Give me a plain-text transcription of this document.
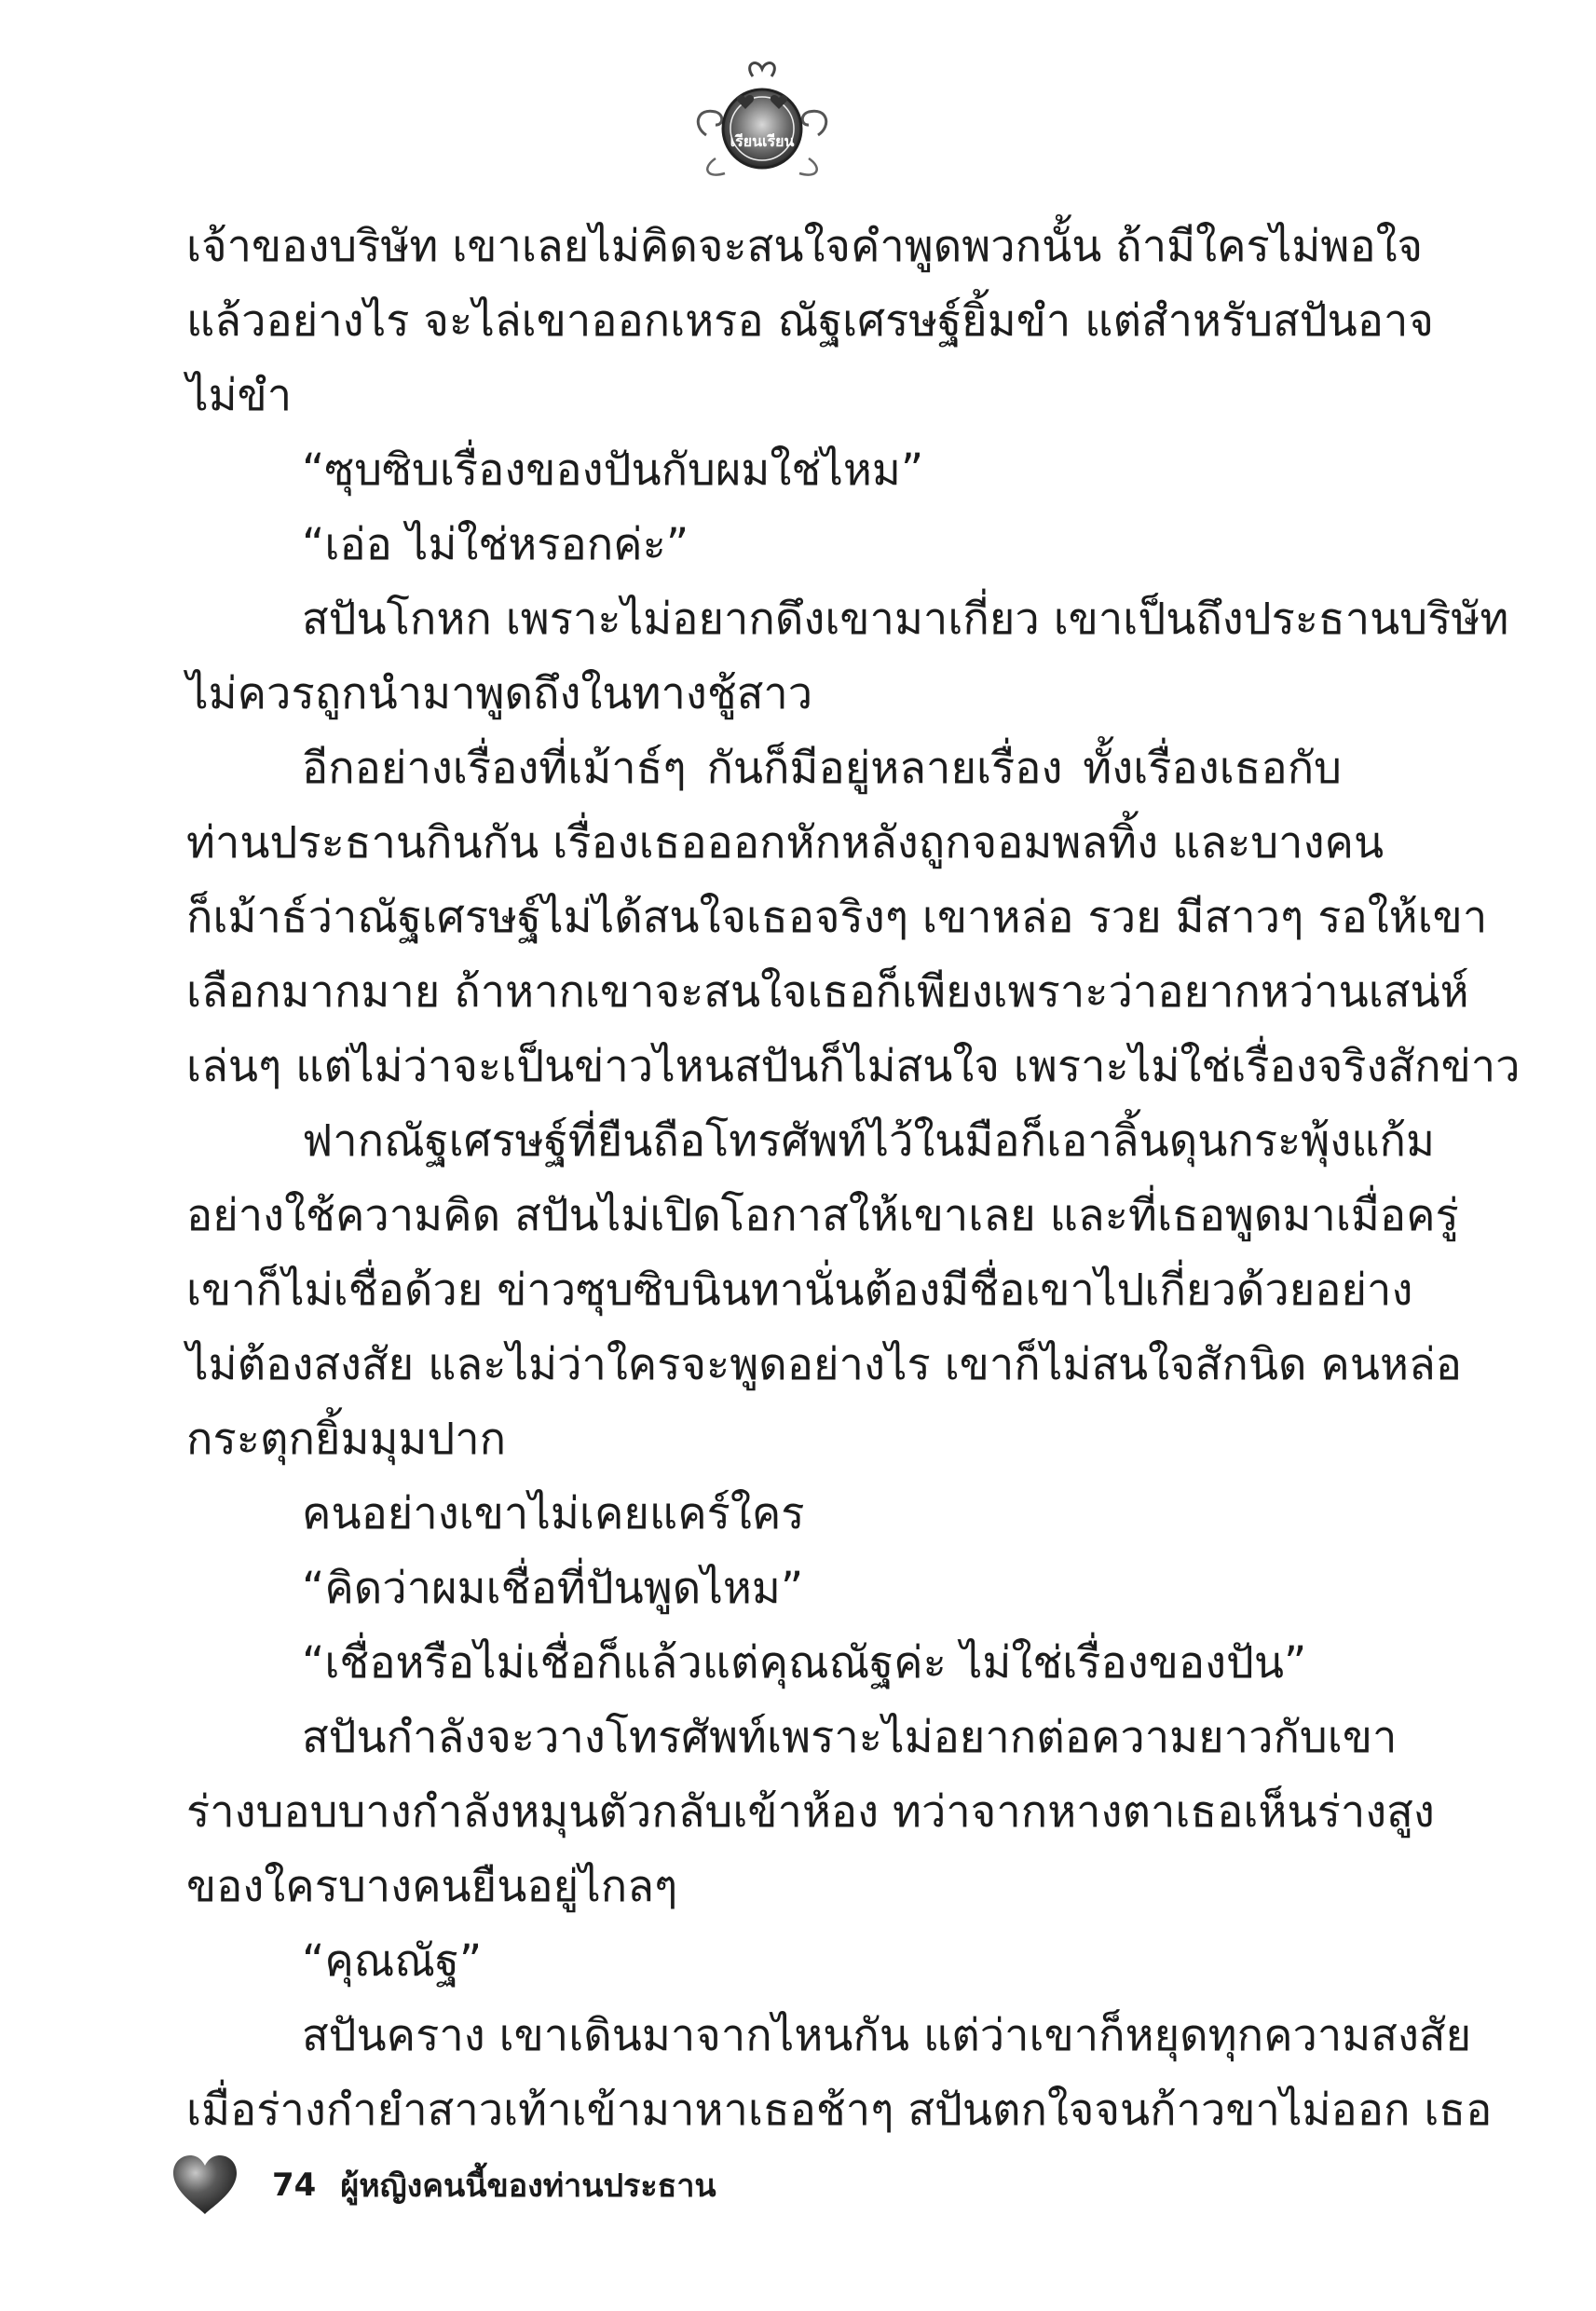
เรียนเรียน
เจ้าของบริษัท เขาเลยไม่คิดจะสนใจคำพูดพวกนั้น ถ้ามีใครไม่พอใจ
แล้วอย่างไร จะไล่เขาออกเหรอ ณัฐเศรษฐ์ยิ้มขำ แต่สำหรับสปันอาจ
ไม่ขำ
“ซุบซิบเรื่องของปันกับผมใช่ไหม”
“เอ่อ ไม่ใช่หรอกค่ะ”
สปันโกหก เพราะไม่อยากดึงเขามาเกี่ยว เขาเป็นถึงประธานบริษัท
ไม่ควรถูกนำมาพูดถึงในทางชู้สาว
อีกอย่างเรื่องที่เม้าธ์ๆ กันก็มีอยู่หลายเรื่อง ทั้งเรื่องเธอกับ
ท่านประธานกินกัน เรื่องเธอออกหักหลังถูกจอมพลทิ้ง และบางคน
ก็เม้าธ์ว่าณัฐเศรษฐ์ไม่ได้สนใจเธอจริงๆ เขาหล่อ รวย มีสาวๆ รอให้เขา
เลือกมากมาย ถ้าหากเขาจะสนใจเธอก็เพียงเพราะว่าอยากหว่านเสน่ห์
เล่นๆ แต่ไม่ว่าจะเป็นข่าวไหนสปันก็ไม่สนใจ เพราะไม่ใช่เรื่องจริงสักข่าว
ฟากณัฐเศรษฐ์ที่ยืนถือโทรศัพท์ไว้ในมือก็เอาลิ้นดุนกระพุ้งแก้ม
อย่างใช้ความคิด สปันไม่เปิดโอกาสให้เขาเลย และที่เธอพูดมาเมื่อครู่
เขาก็ไม่เชื่อด้วย ข่าวซุบซิบนินทานั่นต้องมีชื่อเขาไปเกี่ยวด้วยอย่าง
ไม่ต้องสงสัย และไม่ว่าใครจะพูดอย่างไร เขาก็ไม่สนใจสักนิด คนหล่อ
กระตุกยิ้มมุมปาก
คนอย่างเขาไม่เคยแคร์ใคร
“คิดว่าผมเชื่อที่ปันพูดไหม”
“เชื่อหรือไม่เชื่อก็แล้วแต่คุณณัฐค่ะ ไม่ใช่เรื่องของปัน”
สปันกำลังจะวางโทรศัพท์เพราะไม่อยากต่อความยาวกับเขา
ร่างบอบบางกำลังหมุนตัวกลับเข้าห้อง ทว่าจากหางตาเธอเห็นร่างสูง
ของใครบางคนยืนอยู่ไกลๆ
“คุณณัฐ”
สปันคราง เขาเดินมาจากไหนกัน แต่ว่าเขาก็หยุดทุกความสงสัย
เมื่อร่างกำยำสาวเท้าเข้ามาหาเธอช้าๆ สปันตกใจจนก้าวขาไม่ออก เธอ
74 ผู้หญิงคนนี้ของท่านประธาน
